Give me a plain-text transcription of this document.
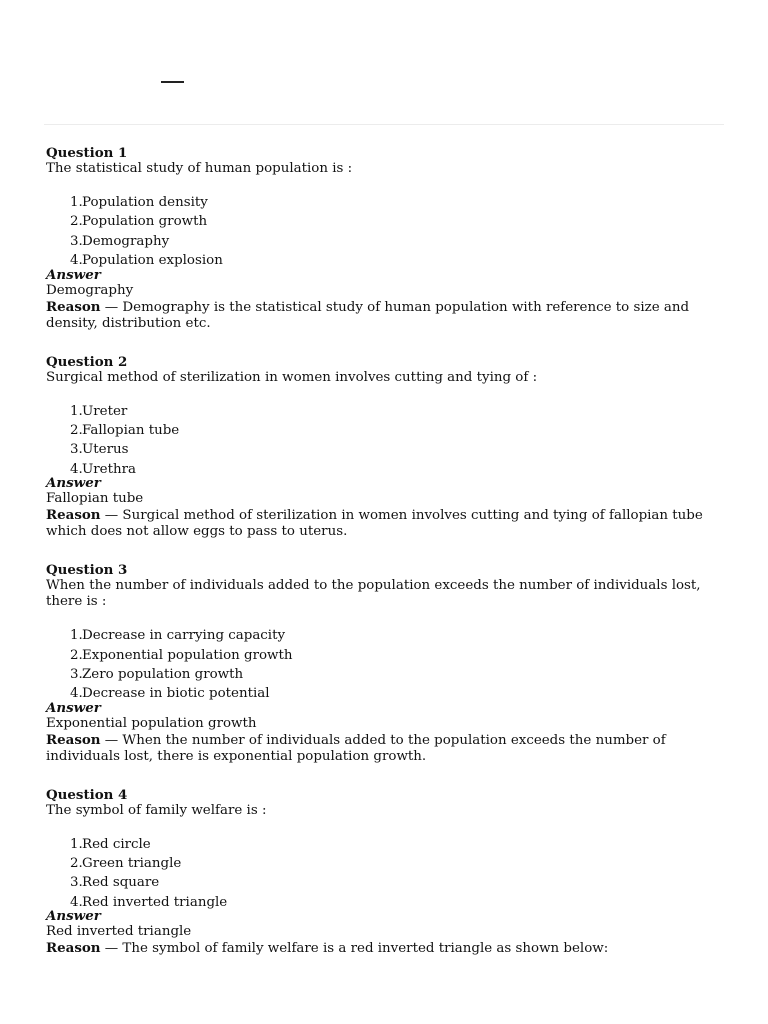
Question 1
The statistical study of human population is :
1. Population density
2. Population growth
3. Demography
4. Population explosion
Answer
Demography
Reason — Demography is the statistical study of human population with reference to size and density, distribution etc.
Question 2
Surgical method of sterilization in women involves cutting and tying of :
1. Ureter
2. Fallopian tube
3. Uterus
4. Urethra
Answer
Fallopian tube
Reason — Surgical method of sterilization in women involves cutting and tying of fallopian tube which does not allow eggs to pass to uterus.
Question 3
When the number of individuals added to the population exceeds the number of individuals lost, there is :
1. Decrease in carrying capacity
2. Exponential population growth
3. Zero population growth
4. Decrease in biotic potential
Answer
Exponential population growth
Reason — When the number of individuals added to the population exceeds the number of individuals lost, there is exponential population growth.
Question 4
The symbol of family welfare is :
1. Red circle
2. Green triangle
3. Red square
4. Red inverted triangle
Answer
Red inverted triangle
Reason — The symbol of family welfare is a red inverted triangle as shown below:
